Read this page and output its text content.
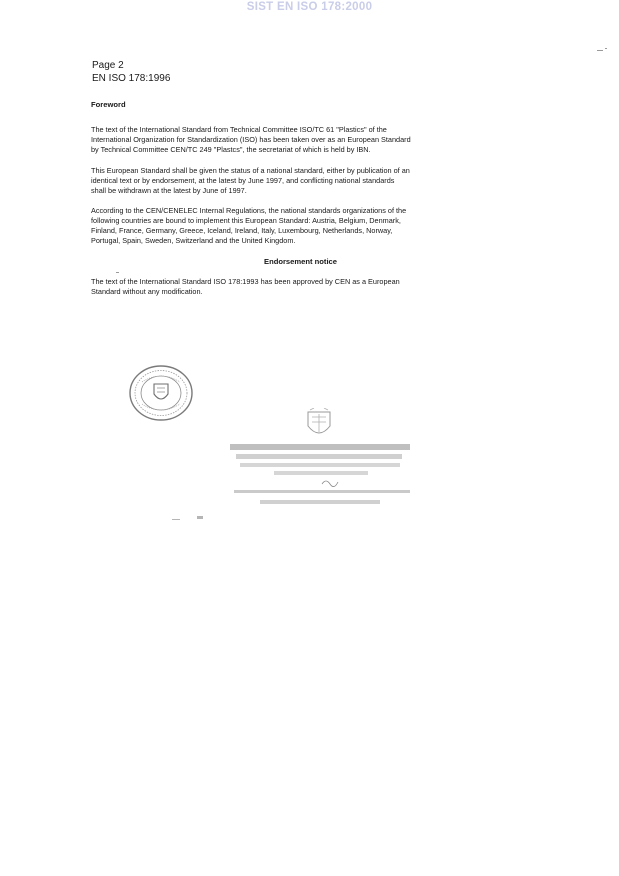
SIST EN ISO 178:2000
Page 2
EN ISO 178:1996
Foreword
The text of the International Standard from Technical Committee ISO/TC 61 "Plastics" of the
International Organization for Standardization (ISO) has been taken over as an European Standard
by Technical Committee CEN/TC 249 "Plastcs", the secretariat of which is held by IBN.
This European Standard shall be given the status of a national standard, either by publication of an
identical text or by endorsement, at the latest by June 1997, and conflicting national standards
shall be withdrawn at the latest by June of 1997.
According to the CEN/CENELEC Internal Regulations, the national standards organizations of the
following countries are bound to implement this European Standard: Austria, Belgium, Denmark,
Finland, France, Germany, Greece, Iceland, Ireland, Italy, Luxembourg, Netherlands, Norway,
Portugal, Spain, Sweden, Switzerland and the United Kingdom.
Endorsement notice
The text of the International Standard ISO 178:1993 has been approved by CEN as a European
Standard without any modification.
